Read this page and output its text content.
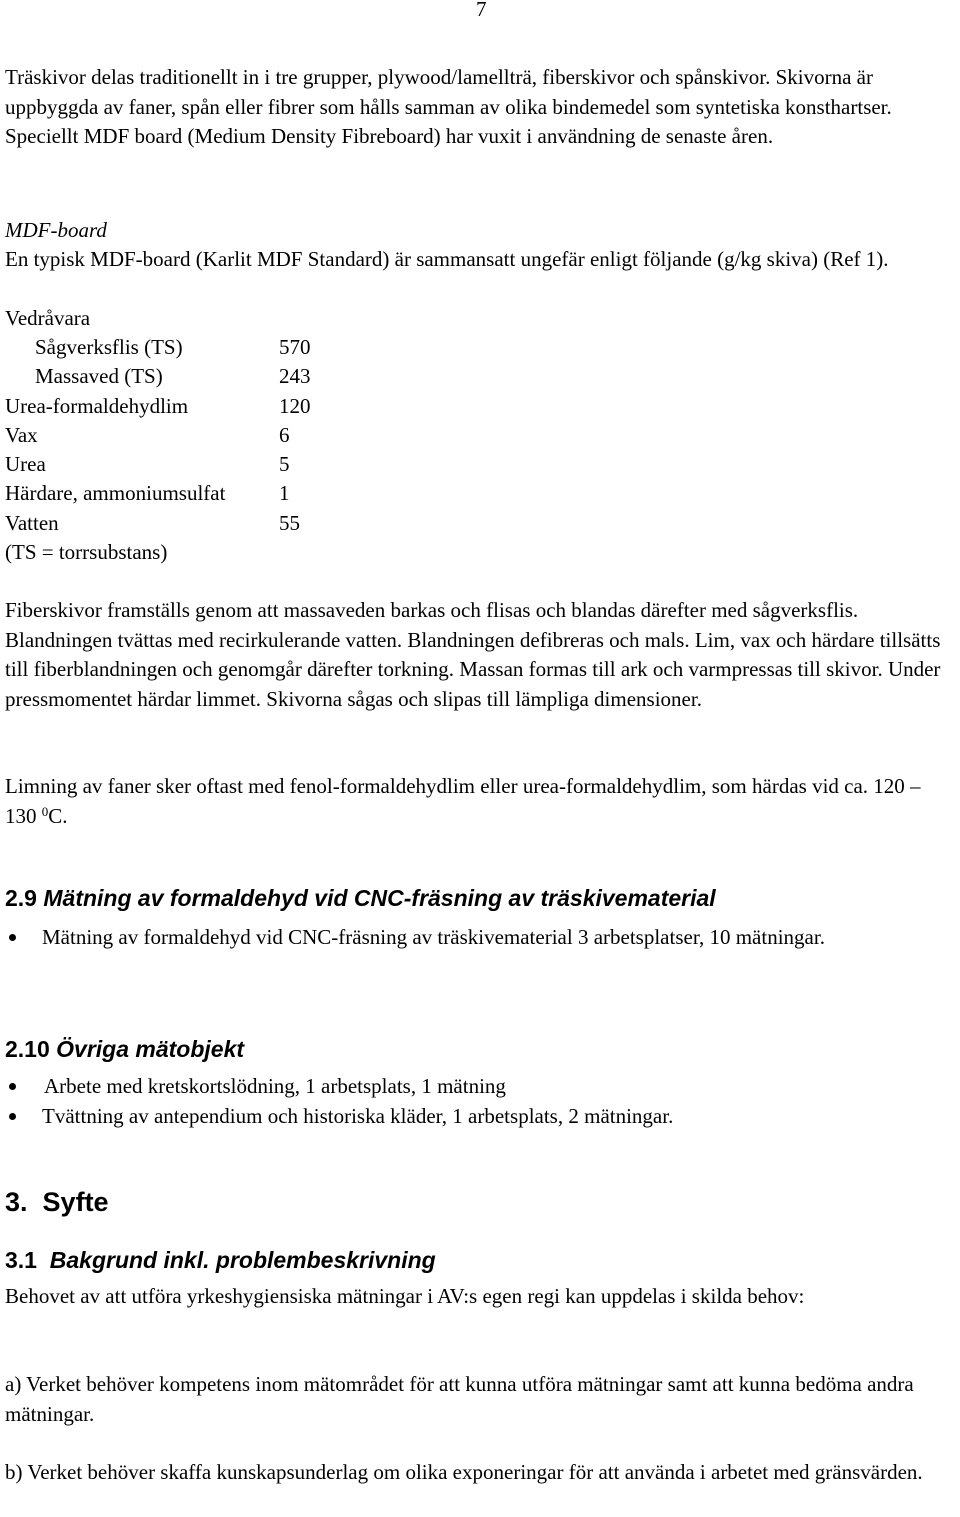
7

Träskivor delas traditionellt in i tre grupper, plywood/lamellträ, fiberskivor och spånskivor. Skivorna är uppbyggda av faner, spån eller fibrer som hålls samman av olika bindemedel som syntetiska konsthartser. Speciellt MDF board (Medium Density Fibreboard) har vuxit i användning de senaste åren.

MDF-board

En typisk MDF-board (Karlit MDF Standard) är sammansatt ungefär enligt följande (g/kg skiva) (Ref 1).

Vedråvara

Sågverksflis (TS)	570
Massaved (TS)	243
Urea-formaldehydlim	120
Vax	6
Urea	5
Härdare, ammoniumsulfat	1
Vatten	55

(TS = torrsubstans)

Fiberskivor framställs genom att massaveden barkas och flisas och blandas därefter med sågverksflis. Blandningen tvättas med recirkulerande vatten. Blandningen defibreras och mals. Lim, vax och härdare tillsätts till fiberblandningen och genomgår därefter torkning. Massan formas till ark och varmpressas till skivor. Under pressmomentet härdar limmet. Skivorna sågas och slipas till lämpliga dimensioner.

Limning av faner sker oftast med fenol-formaldehydlim eller urea-formaldehydlim, som härdas vid ca. 120 – 130 $^0$C.

2.9 Mätning av formaldehyd vid CNC-fräsning av träskivematerial
Mätning av formaldehyd vid CNC-fräsning av träskivematerial 3 arbetsplatser, 10 mätningar.
2.10 Övriga mätobjekt
Arbete med kretskortslödning, 1 arbetsplats, 1 mätning
Tvättning av antependium och historiska kläder, 1 arbetsplats, 2 mätningar.
3. Syfte
3.1 Bakgrund inkl. problembeskrivning

Behovet av att utföra yrkeshygiensiska mätningar i AV:s egen regi kan uppdelas i skilda behov:

a) Verket behöver kompetens inom mätområdet för att kunna utföra mätningar samt att kunna bedöma andra mätningar.

b) Verket behöver skaffa kunskapsunderlag om olika exponeringar för att använda i arbetet med gränsvärden.
